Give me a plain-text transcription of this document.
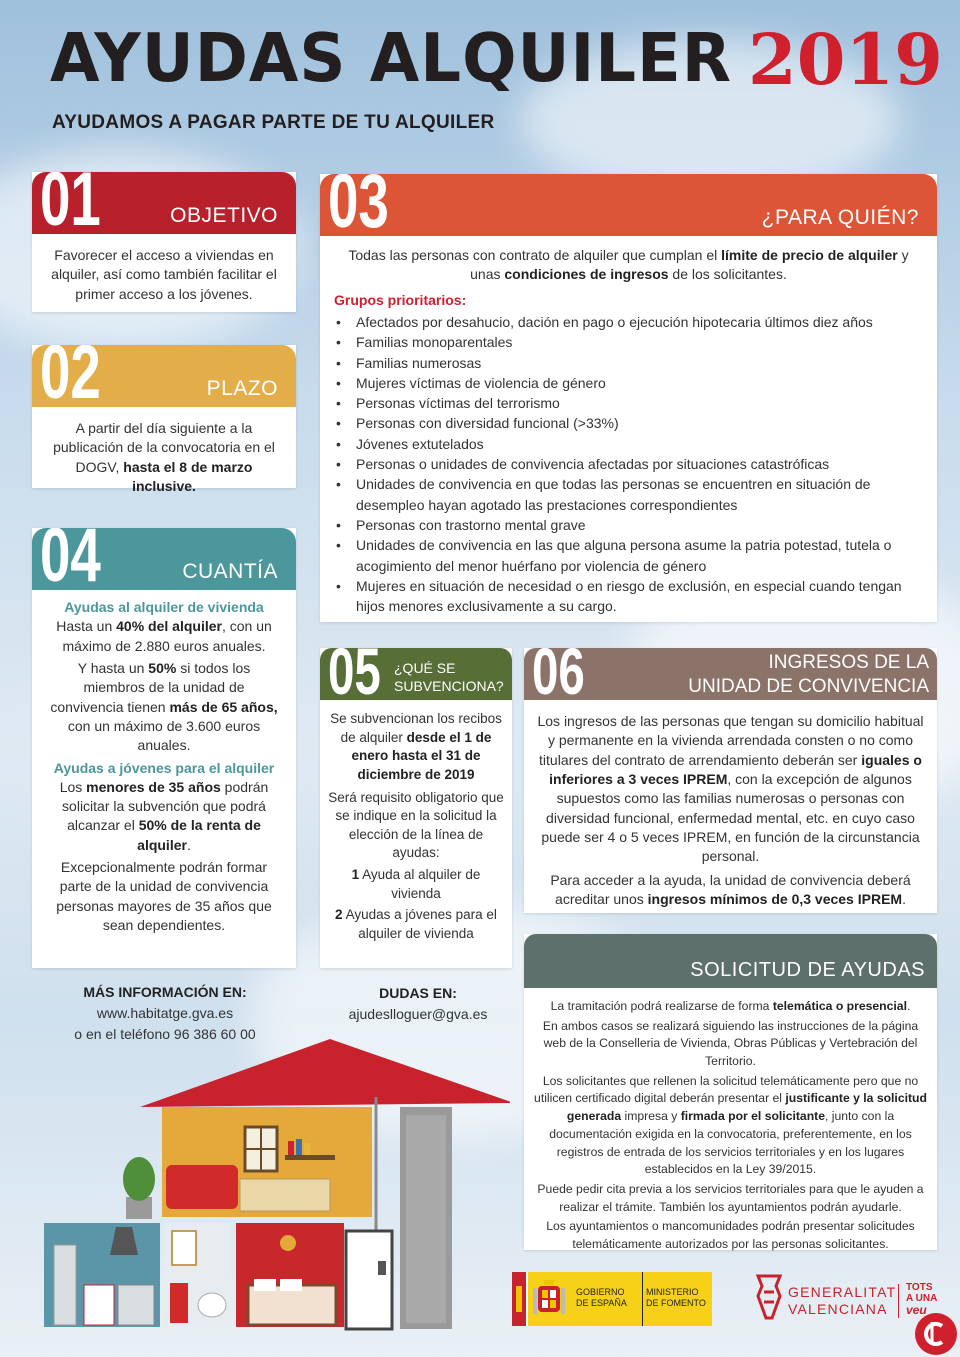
AYUDAS ALQUILER 2019
AYUDAMOS A PAGAR PARTE DE TU ALQUILER
01	OBJETIVO
Favorecer el acceso a viviendas en alquiler, así como también facilitar el primer acceso a los jóvenes.
02	PLAZO
A partir del día siguiente a la publicación de la convocatoria en el DOGV, hasta el 8 de marzo inclusive.
03	¿PARA QUIÉN?
Todas las personas con contrato de alquiler que cumplan el límite de precio de alquiler y unas condiciones de ingresos de los solicitantes.
Grupos prioritarios:
• Afectados por desahucio, dación en pago o ejecución hipotecaria últimos diez años
• Familias monoparentales
• Familias numerosas
• Mujeres víctimas de violencia de género
• Personas víctimas del terrorismo
• Personas con diversidad funcional (>33%)
• Jóvenes extutelados
• Personas o unidades de convivencia afectadas por situaciones catastróficas
• Unidades de convivencia en que todas las personas se encuentren en situación de desempleo hayan agotado las prestaciones correspondientes
• Personas con trastorno mental grave
• Unidades de convivencia en las que alguna persona asume la patria potestad, tutela o acogimiento del menor huérfano por violencia de género
• Mujeres en situación de necesidad o en riesgo de exclusión, en especial cuando tengan hijos menores exclusivamente a su cargo.
04	CUANTÍA
Ayudas al alquiler de vivienda
Hasta un 40% del alquiler, con un máximo de 2.880 euros anuales.
Y hasta un 50% si todos los miembros de la unidad de convivencia tienen más de 65 años, con un máximo de 3.600 euros anuales.
Ayudas a jóvenes para el alquiler
Los menores de 35 años podrán solicitar la subvención que podrá alcanzar el 50% de la renta de alquiler.
Excepcionalmente podrán formar parte de la unidad de convivencia personas mayores de 35 años que sean dependientes.
05 ¿QUÉ SE
SUBVENCIONA?
Se subvencionan los recibos de alquiler desde el 1 de enero hasta el 31 de diciembre de 2019
Será requisito obligatorio que se indique en la solicitud la elección de la línea de ayudas:
1 Ayuda al alquiler de vivienda
2 Ayudas a jóvenes para el alquiler de vivienda
06	INGRESOS DE LA
UNIDAD DE CONVIVENCIA
Los ingresos de las personas que tengan su domicilio habitual y permanente en la vivienda arrendada consten o no como titulares del contrato de arrendamiento deberán ser iguales o inferiores a 3 veces IPREM, con la excepción de algunos supuestos como las familias numerosas o personas con diversidad funcional, enfermedad mental, etc. en cuyo caso puede ser 4 o 5 veces IPREM, en función de la circunstancia personal.
Para acceder a la ayuda, la unidad de convivencia deberá acreditar unos ingresos mínimos de 0,3 veces IPREM.
SOLICITUD DE AYUDAS

La tramitación podrá realizarse de forma telemática o presencial.

En ambos casos se realizará siguiendo las instrucciones de la página web de la Conselleria de Vivienda, Obras Públicas y Vertebración del Territorio.

Los solicitantes que rellenen la solicitud telemáticamente pero que no utilicen certificado digital deberán presentar el justificante y la solicitud generada impresa y firmada por el solicitante, junto con la documentación exigida en la convocatoria, preferentemente, en los registros de entrada de los servicios territoriales y en los lugares establecidos en la Ley 39/2015.

Puede pedir cita previa a los servicios territoriales para que le ayuden a realizar el trámite. También los ayuntamientos podrán ayudarle.

Los ayuntamientos o mancomunidades podrán presentar solicitudes telemáticamente autorizados por las personas solicitantes.

MÁS INFORMACIÓN EN:
www.habitatge.gva.es
o en el teléfono 96 386 60 00
DUDAS EN:
ajudeslloguer@gva.es
GOBIERNO
DE ESPAÑA
MINISTERIO
DE FOMENTO
GENERALITAT
VALENCIANA
TOTS
A UNA
veu
